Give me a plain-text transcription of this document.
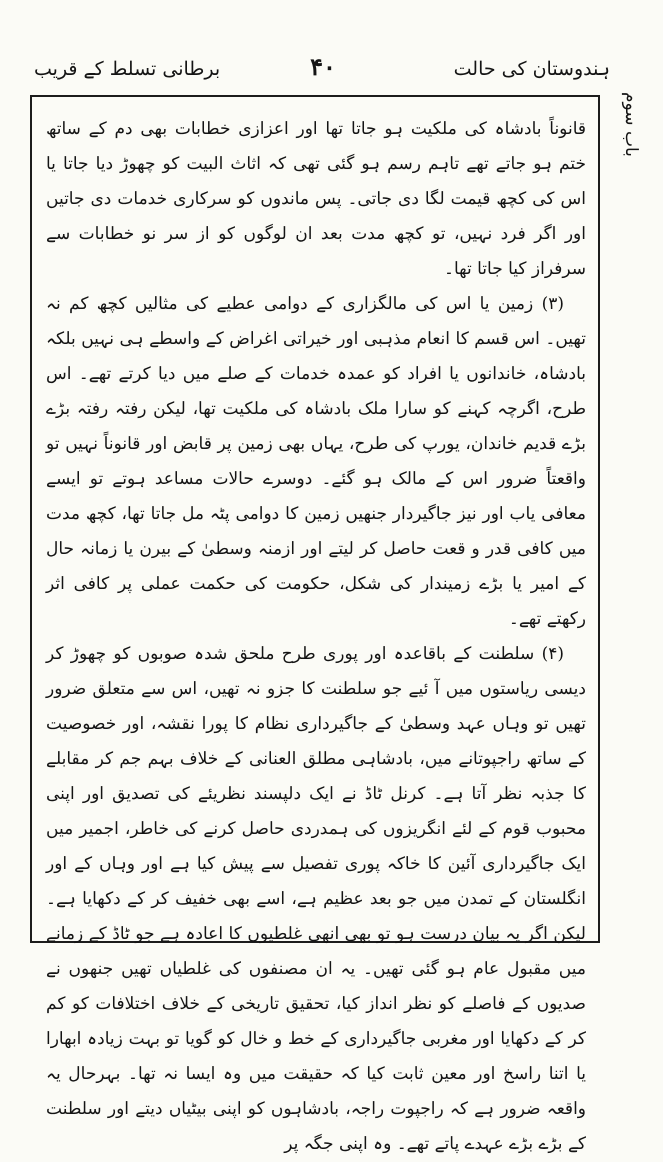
ہندوستان کی حالت
۴۰
برطانی تسلط کے قریب
باب سوم

قانوناً بادشاہ کی ملکیت ہو جاتا تھا اور اعزازی خطابات بھی دم کے ساتھ ختم ہو جاتے تھے تاہم رسم ہو گئی تھی کہ اثاث البیت کو چھوڑ دیا جاتا یا اس کی کچھ قیمت لگا دی جاتی۔ پس ماندوں کو سرکاری خدمات دی جاتیں اور اگر فرد نہیں، تو کچھ مدت بعد ان لوگوں کو از سر نو خطابات سے سرفراز کیا جاتا تھا۔

(۳) زمین یا اس کی مالگزاری کے دوامی عطیے کی مثالیں کچھ کم نہ تھیں۔ اس قسم کا انعام مذہبی اور خیراتی اغراض کے واسطے ہی نہیں بلکہ بادشاہ، خاندانوں یا افراد کو عمدہ خدمات کے صلے میں دیا کرتے تھے۔ اس طرح، اگرچہ کہنے کو سارا ملک بادشاہ کی ملکیت تھا، لیکن رفتہ رفتہ بڑے بڑے قدیم خاندان، یورپ کی طرح، یہاں بھی زمین پر قابض اور قانوناً نہیں تو واقعتاً ضرور اس کے مالک ہو گئے۔ دوسرے حالات مساعد ہوتے تو ایسے معافی یاب اور نیز جاگیردار جنھیں زمین کا دوامی پٹہ مل جاتا تھا، کچھ مدت میں کافی قدر و قعت حاصل کر لیتے اور ازمنہ وسطیٰ کے بیرن یا زمانہ حال کے امیر یا بڑے زمیندار کی شکل، حکومت کی حکمت عملی پر کافی اثر رکھتے تھے۔

(۴) سلطنت کے باقاعدہ اور پوری طرح ملحق شدہ صوبوں کو چھوڑ کر دیسی ریاستوں میں آ ئیے جو سلطنت کا جزو نہ تھیں، اس سے متعلق ضرور تھیں تو وہاں عہد وسطیٰ کے جاگیرداری نظام کا پورا نقشہ، اور خصوصیت کے ساتھ راجپوتانے میں، بادشاہی مطلق العنانی کے خلاف بہم جم کر مقابلے کا جذبہ نظر آتا ہے۔ کرنل ٹاڈ نے ایک دلپسند نظریئے کی تصدیق اور اپنی محبوب قوم کے لئے انگریزوں کی ہمدردی حاصل کرنے کی خاطر، اجمیر میں ایک جاگیرداری آئین کا خاکہ پوری تفصیل سے پیش کیا ہے اور وہاں کے اور انگلستان کے تمدن میں جو بعد عظیم ہے، اسے بھی خفیف کر کے دکھایا ہے۔ لیکن اگر یہ بیان درست ہو تو بھی انھی غلطیوں کا اعادہ ہے جو ٹاڈ کے زمانے میں مقبول عام ہو گئی تھیں۔ یہ ان مصنفوں کی غلطیاں تھیں جنھوں نے صدیوں کے فاصلے کو نظر انداز کیا، تحقیق تاریخی کے خلاف اختلافات کو کم کر کے دکھایا اور مغربی جاگیرداری کے خط و خال کو گویا تو بہت زیادہ ابھارا یا اتنا راسخ اور معین ثابت کیا کہ حقیقت میں وہ ایسا نہ تھا۔ بہرحال یہ واقعہ ضرور ہے کہ راجپوت راجہ، بادشاہوں کو اپنی بیٹیاں دیتے اور سلطنت کے بڑے بڑے عہدے پاتے تھے۔ وہ اپنی جگہ پر
